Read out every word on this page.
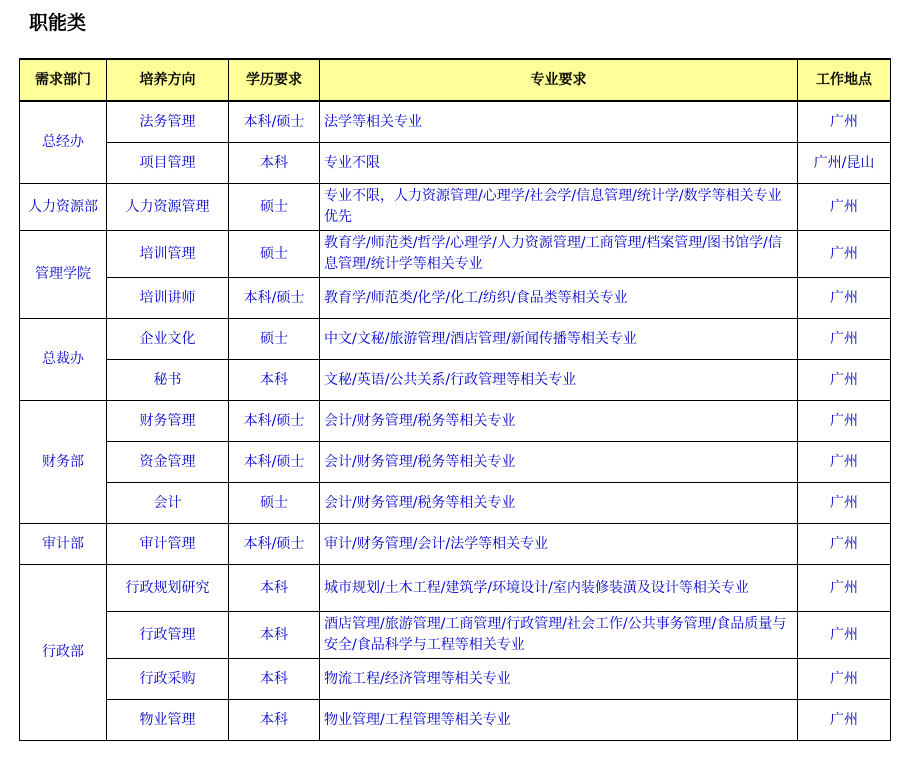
职能类
需求部门	培养方向	学历要求	专业要求	工作地点
总经办	法务管理	本科/硕士	法学等相关专业	广州
	项目管理	本科	专业不限	广州/昆山
人力资源部	人力资源管理	硕士	专业不限，人力资源管理/心理学/社会学/信息管理/统计学/数学等相关专业优先	广州
管理学院	培训管理	硕士	教育学/师范类/哲学/心理学/人力资源管理/工商管理/档案管理/图书馆学/信息管理/统计学等相关专业	广州
	培训讲师	本科/硕士	教育学/师范类/化学/化工/纺织/食品类等相关专业	广州
总裁办	企业文化	硕士	中文/文秘/旅游管理/酒店管理/新闻传播等相关专业	广州
	秘书	本科	文秘/英语/公共关系/行政管理等相关专业	广州
财务部	财务管理	本科/硕士	会计/财务管理/税务等相关专业	广州
	资金管理	本科/硕士	会计/财务管理/税务等相关专业	广州
	会计	硕士	会计/财务管理/税务等相关专业	广州
审计部	审计管理	本科/硕士	审计/财务管理/会计/法学等相关专业	广州
行政部	行政规划研究	本科	城市规划/土木工程/建筑学/环境设计/室内装修装潢及设计等相关专业	广州
	行政管理	本科	酒店管理/旅游管理/工商管理/行政管理/社会工作/公共事务管理/食品质量与安全/食品科学与工程等相关专业	广州
	行政采购	本科	物流工程/经济管理等相关专业	广州
	物业管理	本科	物业管理/工程管理等相关专业	广州
